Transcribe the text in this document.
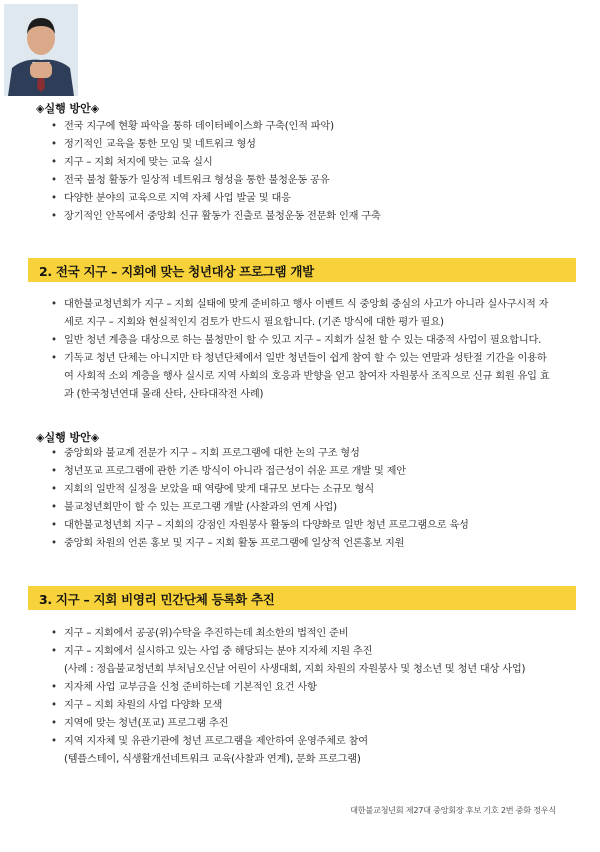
◈실행 방안◈
• 전국 지구에 현황 파악을 통하 데이터베이스화 구축(인적 파악)
• 정기적인 교육을 통한 모임 및 네트워크 형성
• 지구 – 지회 처지에 맞는 교육 실시
• 전국 불청 활동가 일상적 네트워크 형성을 통한 불청운동 공유
• 다양한 분야의 교육으로 지역 자체 사업 발굴 및 대응
• 장기적인 안목에서 중앙회 신규 활동가 진출로 불청운동 전문화 인재 구축
2. 전국 지구 – 지회에 맞는 청년대상 프로그램 개발
• 대한불교청년회가 지구 – 지회 실태에 맞게 준비하고 행사 이벤트 식 중앙회 중심의 사고가 아니라 실사구시적 자
세로 지구 – 지회와 현실적인지 검토가 반드시 필요합니다. (기존 방식에 대한 평가 필요)
• 일반 청년 계층을 대상으로 하는 불청만이 할 수 있고 지구 – 지회가 실천 할 수 있는 대중적 사업이 필요합니다.
• 기독교 청년 단체는 아니지만 타 청년단체에서 일반 청년들이 쉽게 참여 할 수 있는 연말과 성탄절 기간을 이용하
여 사회적 소외 계층을 행사 실시로 지역 사회의 호응과 반향을 얻고 참여자 자원봉사 조직으로 신규 회원 유입 효
과 (한국청년연대 몰래 산타, 산타대작전 사례)
◈실행 방안◈
• 중앙회와 불교계 전문가 지구 – 지회 프로그램에 대한 논의 구조 형성
• 청년포교 프로그램에 관한 기존 방식이 아니라 접근성이 쉬운 프로 개발 및 제안
• 지회의 일반적 실정을 보았을 때 역량에 맞게 대규모 보다는 소규모 형식
• 불교청년회만이 할 수 있는 프로그램 개발 (사찰과의 연계 사업)
• 대한불교청년회 지구 – 지회의 강점인 자원봉사 활동의 다양화로 일반 청년 프로그램으로 육성
• 중앙회 차원의 언론 홍보 및 지구 – 지회 활동 프로그램에 일상적 언론홍보 지원
3. 지구 – 지회 비영리 민간단체 등록화 추진
• 지구 – 지회에서 공공(위)수탁을 추진하는데 최소한의 법적인 준비
• 지구 – 지회에서 실시하고 있는 사업 중 해당되는 분야 지자체 지원 추진
(사례 : 정읍불교청년회 부처님오신날 어린이 사생대회, 지회 차원의 자원봉사 및 청소년 및 청년 대상 사업)
• 지자체 사업 교부금을 신청 준비하는데 기본적인 요건 사항
• 지구 – 지회 차원의 사업 다양화 모색
• 지역에 맞는 청년(포교) 프로그램 추진
• 지역 지자체 및 유관기관에 청년 프로그램을 제안하여 운영주체로 참여
(템플스테이, 식생활개선네트워크 교육(사찰과 연계), 문화 프로그램)
대한불교청년회 제27대 중앙회장 후보 기호 2번 중화 정우식
